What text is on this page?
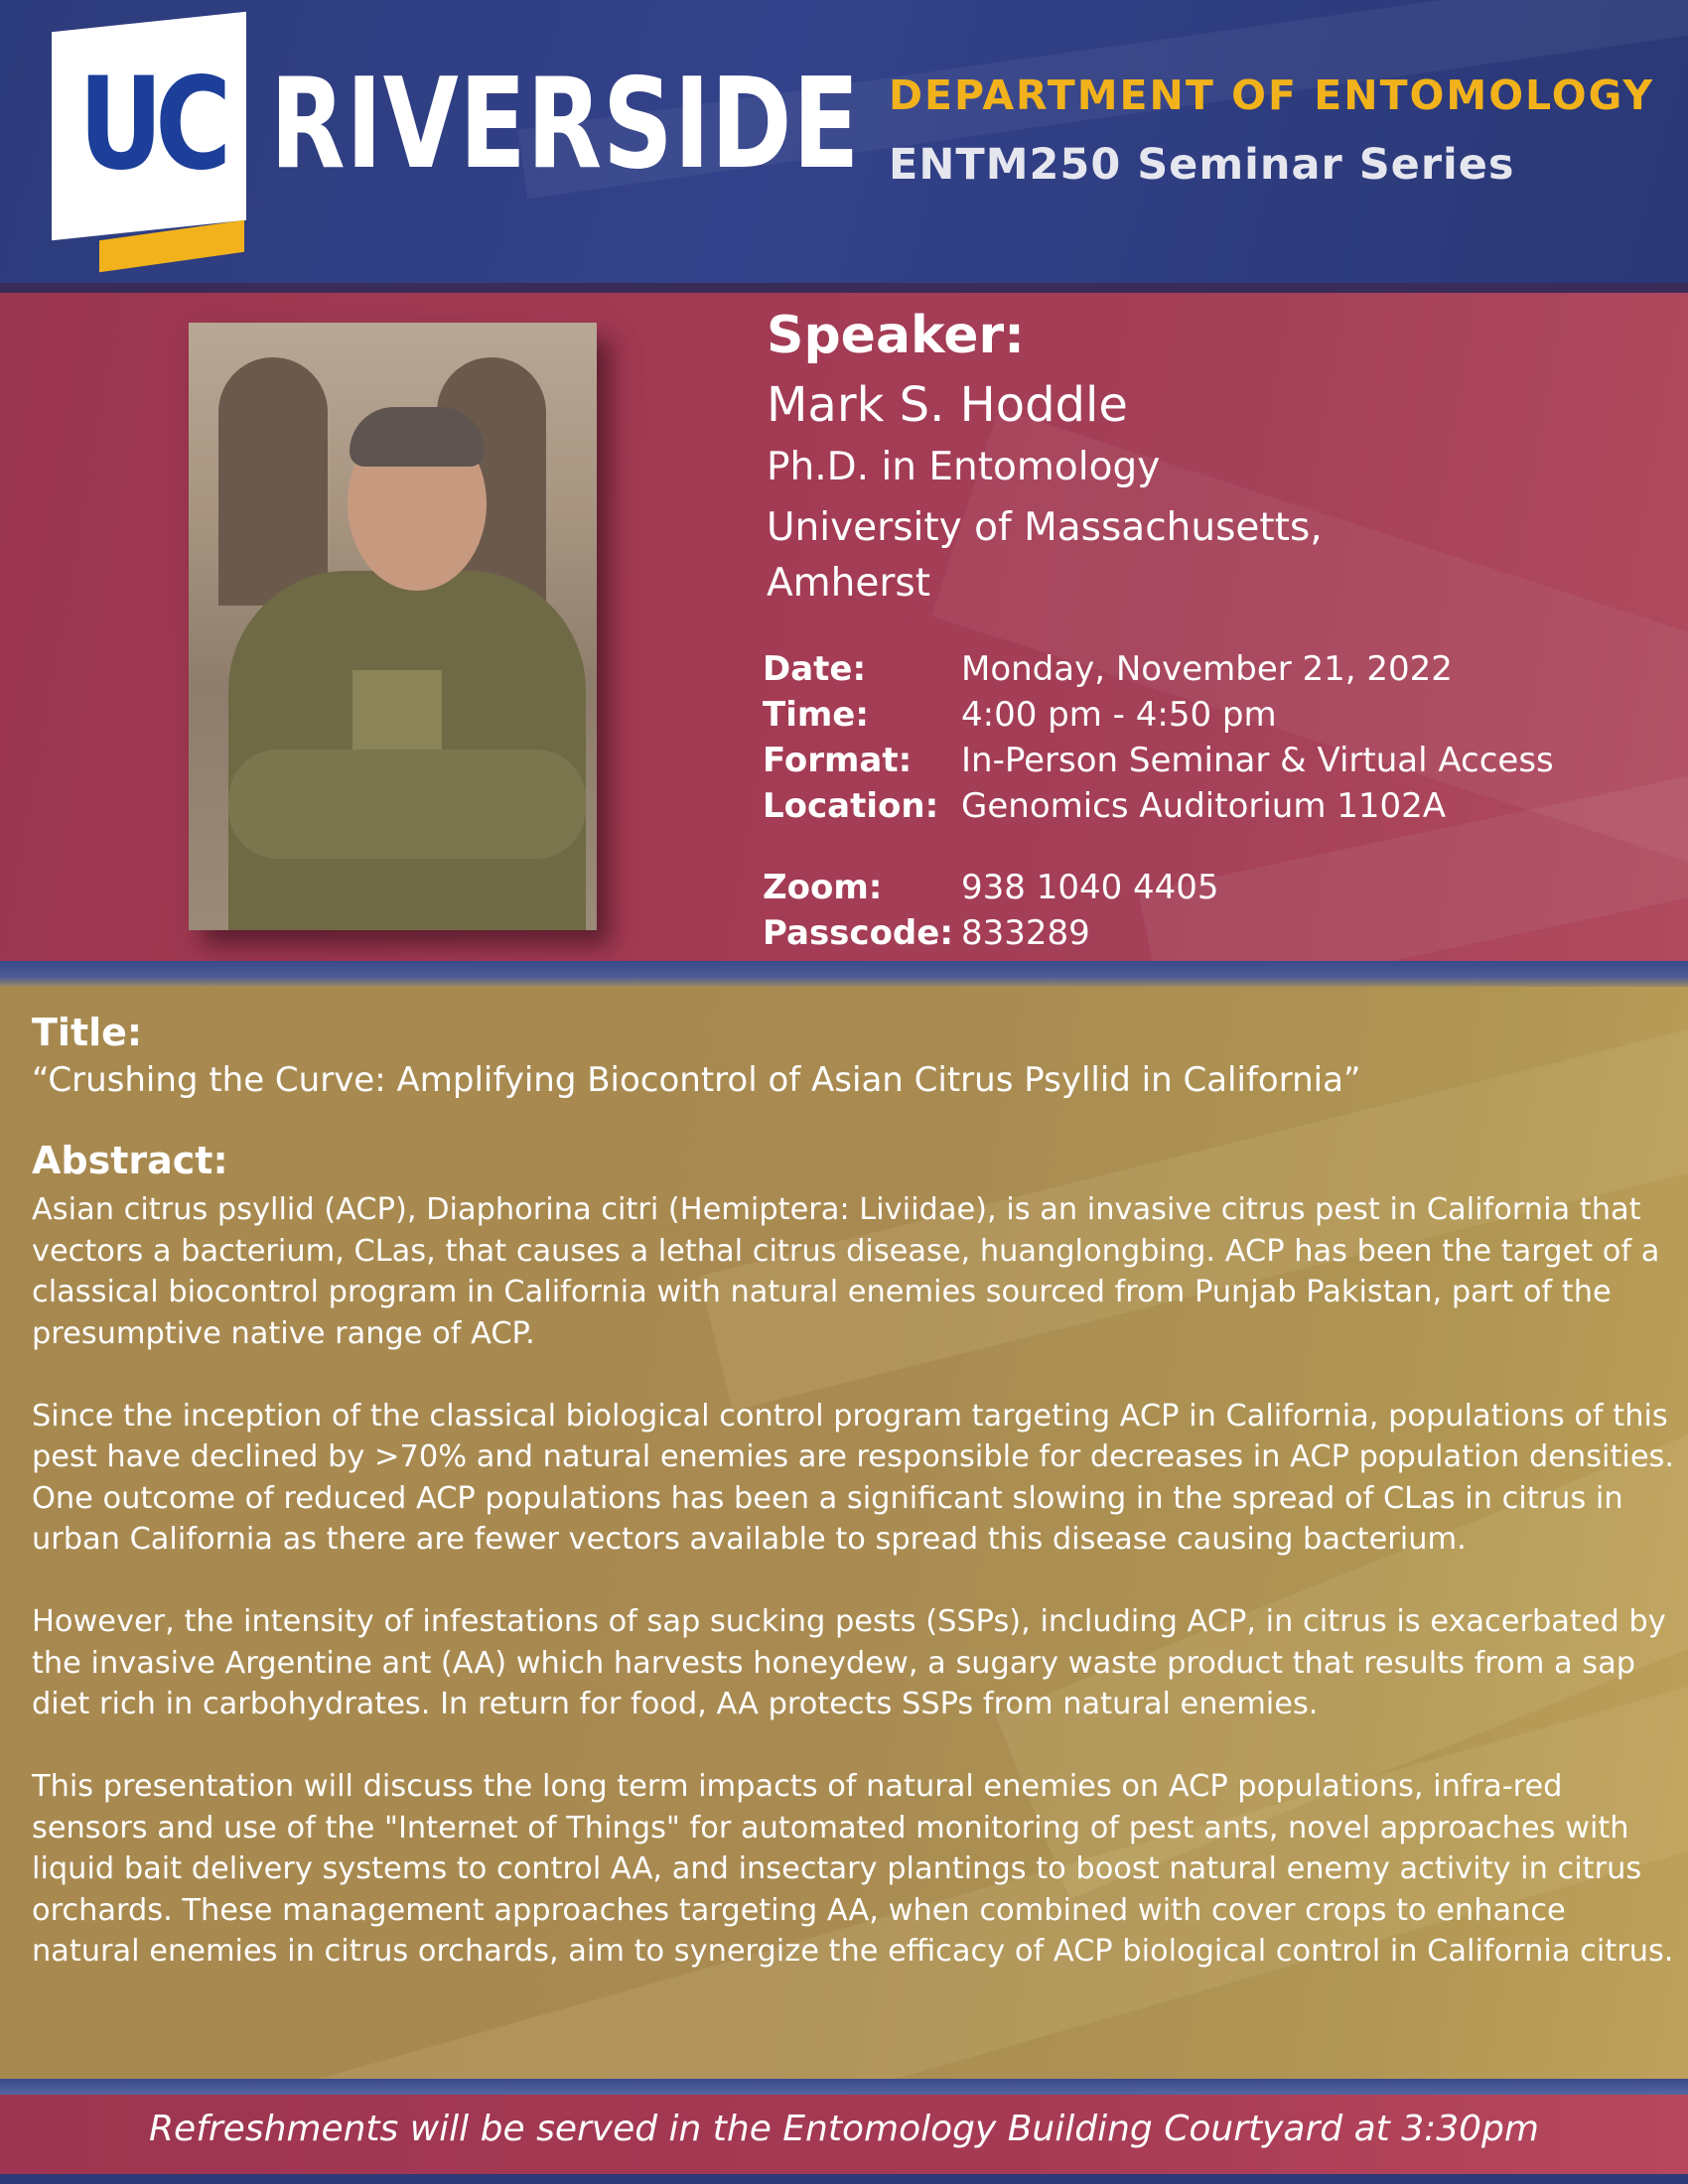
UC RIVERSIDE DEPARTMENT OF ENTOMOLOGY
ENTM250 Seminar Series
Speaker:
Mark S. Hoddle
Ph.D. in Entomology
University of Massachusetts, Amherst
Date:	Monday, November 21, 2022
Time:	4:00 pm - 4:50 pm
Format: In-Person Seminar & Virtual Access
Location: Genomics Auditorium 1102A
Zoom: 938 1040 4405
Passcode: 833289
Title:
“Crushing the Curve: Amplifying Biocontrol of Asian Citrus Psyllid in California”
Abstract:

Asian citrus psyllid (ACP), Diaphorina citri (Hemiptera: Liviidae), is an invasive citrus pest in California that vectors a bacterium, CLas, that causes a lethal citrus disease, huanglongbing. ACP has been the target of a classical biocontrol program in California with natural enemies sourced from Punjab Pakistan, part of the presumptive native range of ACP.

Since the inception of the classical biological control program targeting ACP in California, populations of this pest have declined by >70% and natural enemies are responsible for decreases in ACP population densities. One outcome of reduced ACP populations has been a significant slowing in the spread of CLas in citrus in urban California as there are fewer vectors available to spread this disease causing bacterium.

However, the intensity of infestations of sap sucking pests (SSPs), including ACP, in citrus is exacerbated by the invasive Argentine ant (AA) which harvests honeydew, a sugary waste product that results from a sap diet rich in carbohydrates. In return for food, AA protects SSPs from natural enemies.

This presentation will discuss the long term impacts of natural enemies on ACP populations, infra-red sensors and use of the "Internet of Things" for automated monitoring of pest ants, novel approaches with liquid bait delivery systems to control AA, and insectary plantings to boost natural enemy activity in citrus orchards. These management approaches targeting AA, when combined with cover crops to enhance natural enemies in citrus orchards, aim to synergize the efficacy of ACP biological control in California citrus.

Refreshments will be served in the Entomology Building Courtyard at 3:30pm
